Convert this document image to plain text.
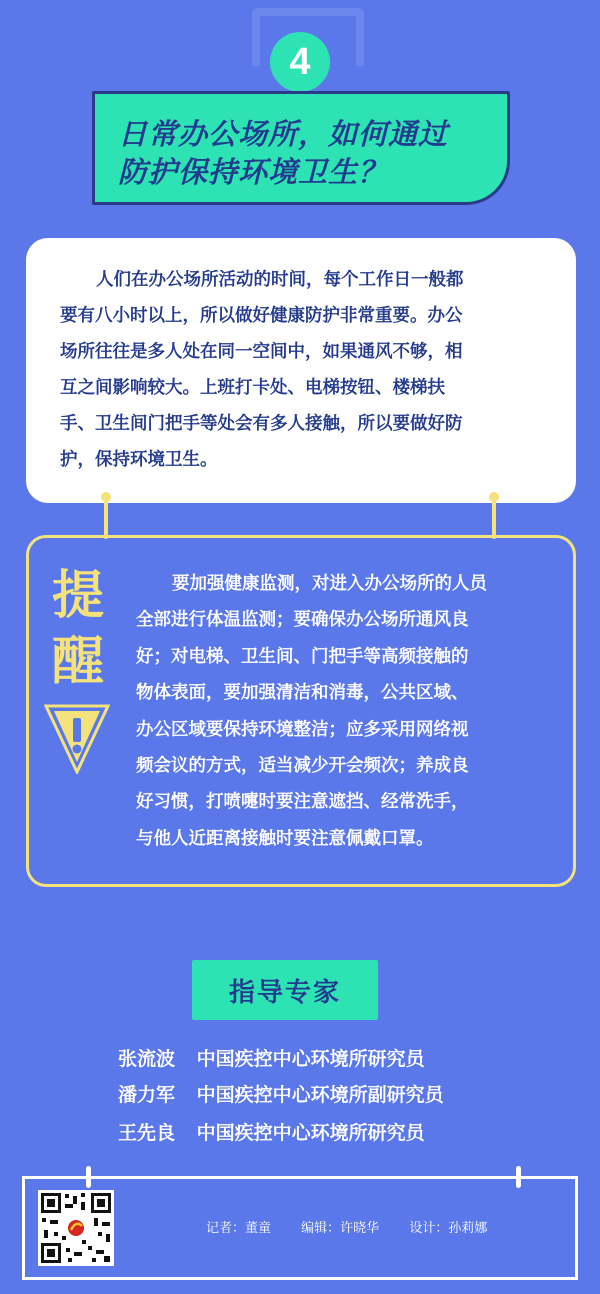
4
日常办公场所，如何通过
防护保持环境卫生？
人们在办公场所活动的时间，每个工作日一般都
要有八小时以上，所以做好健康防护非常重要。办公
场所往往是多人处在同一空间中，如果通风不够，相
互之间影响较大。上班打卡处、电梯按钮、楼梯扶
手、卫生间门把手等处会有多人接触，所以要做好防
护，保持环境卫生。
提
醒
要加强健康监测，对进入办公场所的人员
全部进行体温监测；要确保办公场所通风良
好；对电梯、卫生间、门把手等高频接触的
物体表面，要加强清洁和消毒，公共区域、
办公区域要保持环境整洁；应多采用网络视
频会议的方式，适当减少开会频次；养成良
好习惯，打喷嚏时要注意遮挡、经常洗手，
与他人近距离接触时要注意佩戴口罩。
指导专家
张流波 中国疾控中心环境所研究员
潘力军 中国疾控中心环境所副研究员
王先良 中国疾控中心环境所研究员
记者：董童 编辑：许晓华 设计：孙莉娜
